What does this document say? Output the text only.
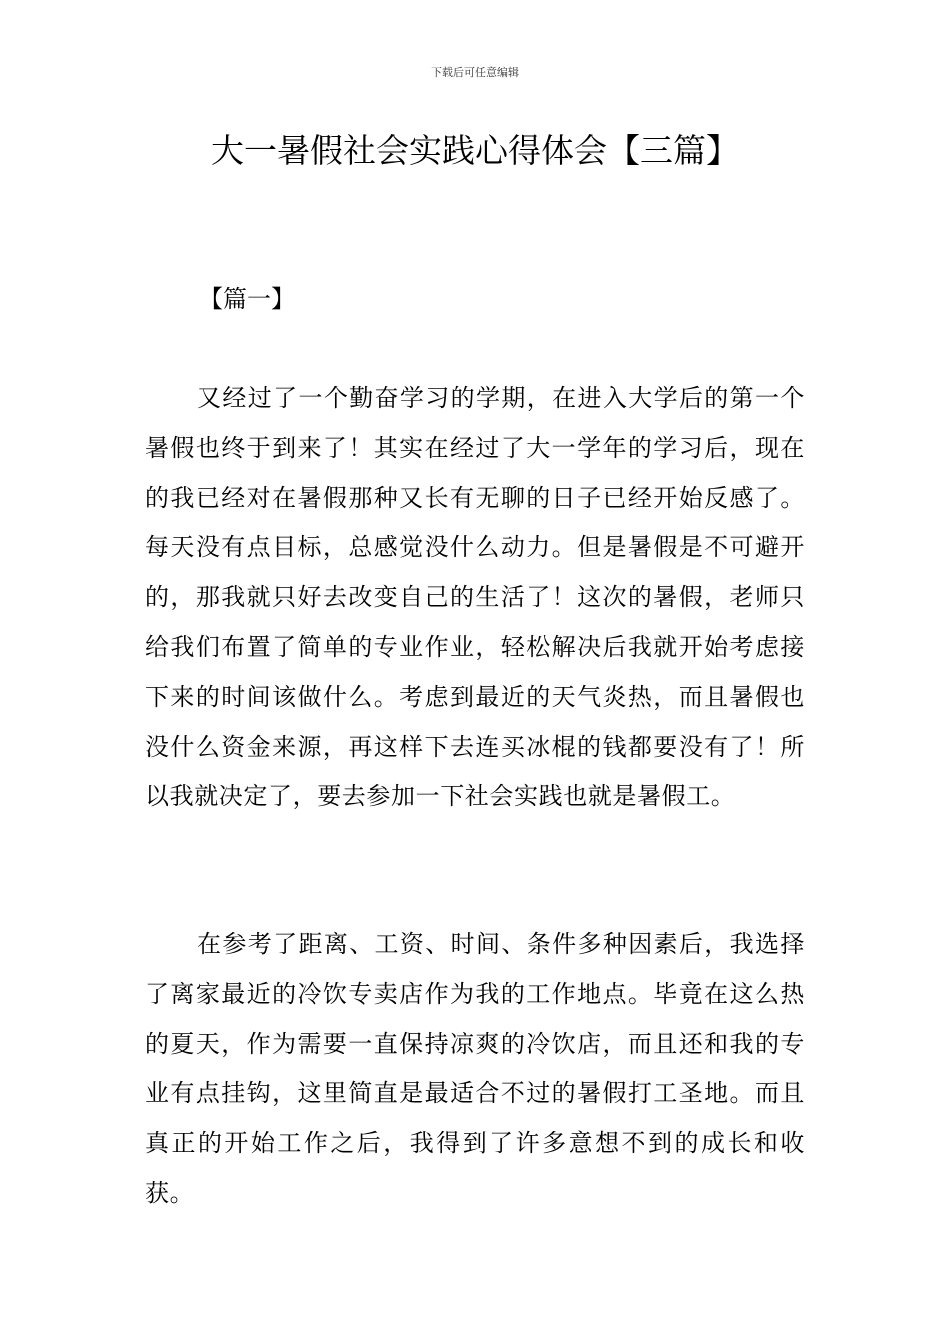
下载后可任意编辑
大一暑假社会实践心得体会【三篇】
【篇一】

又经过了一个勤奋学习的学期，在进入大学后的第一个暑假也终于到来了！其实在经过了大一学年的学习后，现在的我已经对在暑假那种又长有无聊的日子已经开始反感了。每天没有点目标，总感觉没什么动力。但是暑假是不可避开的，那我就只好去改变自己的生活了！这次的暑假，老师只给我们布置了简单的专业作业，轻松解决后我就开始考虑接下来的时间该做什么。考虑到最近的天气炎热，而且暑假也没什么资金来源，再这样下去连买冰棍的钱都要没有了！所以我就决定了，要去参加一下社会实践也就是暑假工。

在参考了距离、工资、时间、条件多种因素后，我选择了离家最近的冷饮专卖店作为我的工作地点。毕竟在这么热的夏天，作为需要一直保持凉爽的冷饮店，而且还和我的专业有点挂钩，这里简直是最适合不过的暑假打工圣地。而且真正的开始工作之后，我得到了许多意想不到的成长和收获。
